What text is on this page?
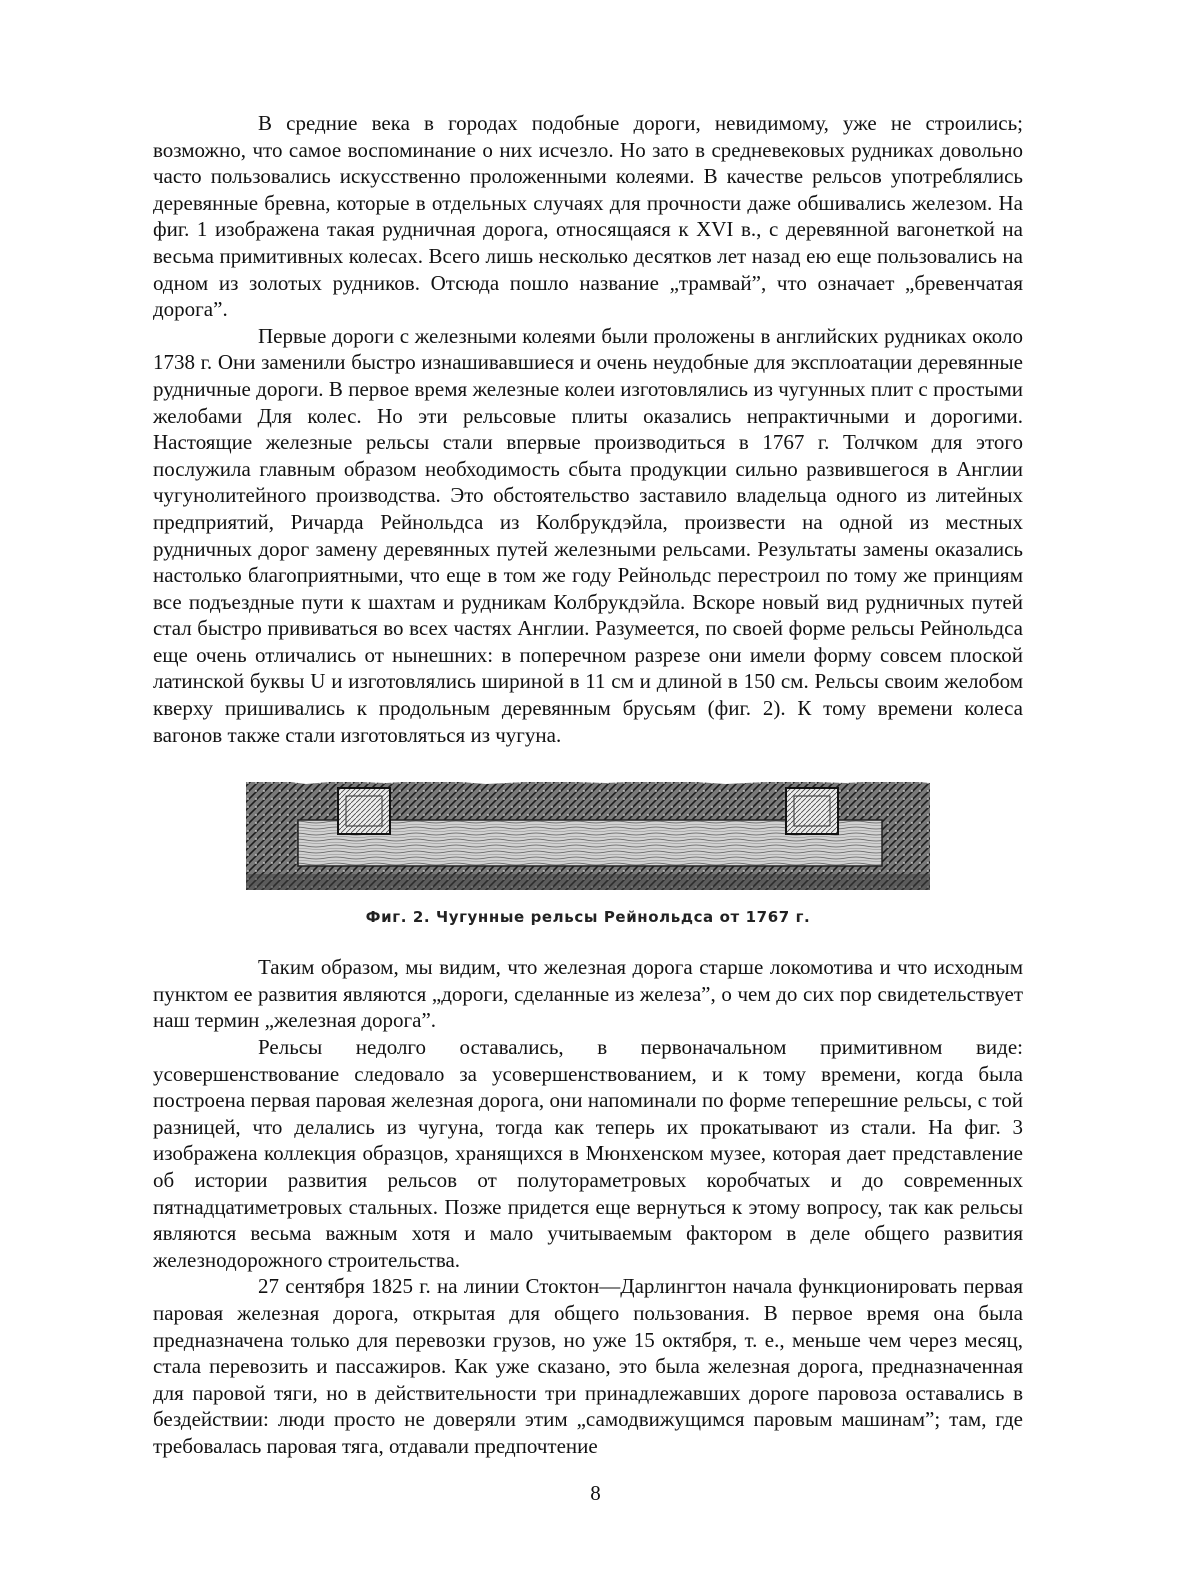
В средние века в городах подобные дороги, невидимому, уже не строились; возможно, что самое воспоминание о них исчезло. Но зато в средневековых рудниках довольно часто пользовались искусственно проложенными колеями. В качестве рельсов употреблялись деревянные бревна, которые в отдельных случаях для прочности даже обшивались железом. На фиг. 1 изображена такая рудничная дорога, относящаяся к XVI в., с деревянной вагонеткой на весьма примитивных колесах. Всего лишь несколько десятков лет назад ею еще пользовались на одном из золотых рудников. Отсюда пошло название „трамвай”, что означает „бревенчатая дорога”.

Первые дороги с железными колеями были проложены в английских рудниках около 1738 г. Они заменили быстро изнашивавшиеся и очень неудобные для эксплоатации деревянные рудничные дороги. В первое время железные колеи изготовлялись из чугунных плит с простыми желобами Для колес. Но эти рельсовые плиты оказались непрактичными и дорогими. Настоящие железные рельсы стали впервые производиться в 1767 г. Толчком для этого послужила главным образом необходимость сбыта продукции сильно развившегося в Англии чугунолитейного производства. Это обстоятельство заставило владельца одного из литейных предприятий, Ричарда Рейнольдса из Колбрукдэйла, произвести на одной из местных рудничных дорог замену деревянных путей железными рельсами. Результаты замены оказались настолько благоприятными, что еще в том же году Рейнольдс перестроил по тому же принциям все подъездные пути к шахтам и рудникам Колбрукдэйла. Вскоре новый вид рудничных путей стал быстро прививаться во всех частях Англии. Разумеется, по своей форме рельсы Рейнольдса еще очень отличались от нынешних: в поперечном разрезе они имели форму совсем плоской латинской буквы U и изготовлялись шириной в 11 см и длиной в 150 см. Рельсы своим желобом кверху пришивались к продольным деревянным брусьям (фиг. 2). К тому времени колеса вагонов также стали изготовляться из чугуна.

Фиг. 2. Чугунные рельсы Рейнольдса от 1767 г.

Таким образом, мы видим, что железная дорога старше локомотива и что исходным пунктом ее развития являются „дороги, сделанные из железа”, о чем до сих пор свидетельствует наш термин „железная дорога”.

Рельсы недолго оставались, в первоначальном примитивном виде: усовершенствование следовало за усовершенствованием, и к тому времени, когда была построена первая паровая железная дорога, они напоминали по форме теперешние рельсы, с той разницей, что делались из чугуна, тогда как теперь их прокатывают из стали. На фиг. 3 изображена коллекция образцов, хранящихся в Мюнхенском музее, которая дает представление об истории развития рельсов от полутораметровых коробчатых и до современных пятнадцатиметровых стальных. Позже придется еще вернуться к этому вопросу, так как рельсы являются весьма важным хотя и мало учитываемым фактором в деле общего развития железнодорожного строительства.

27 сентября 1825 г. на линии Стоктон—Дарлингтон начала функционировать первая паровая железная дорога, открытая для общего пользования. В первое время она была предназначена только для перевозки грузов, но уже 15 октября, т. е., меньше чем через месяц, стала перевозить и пассажиров. Как уже сказано, это была железная дорога, предназначенная для паровой тяги, но в действительности три принадлежавших дороге паровоза оставались в бездействии: люди просто не доверяли этим „самодвижущимся паровым машинам”; там, где требовалась паровая тяга, отдавали предпочтение

8
